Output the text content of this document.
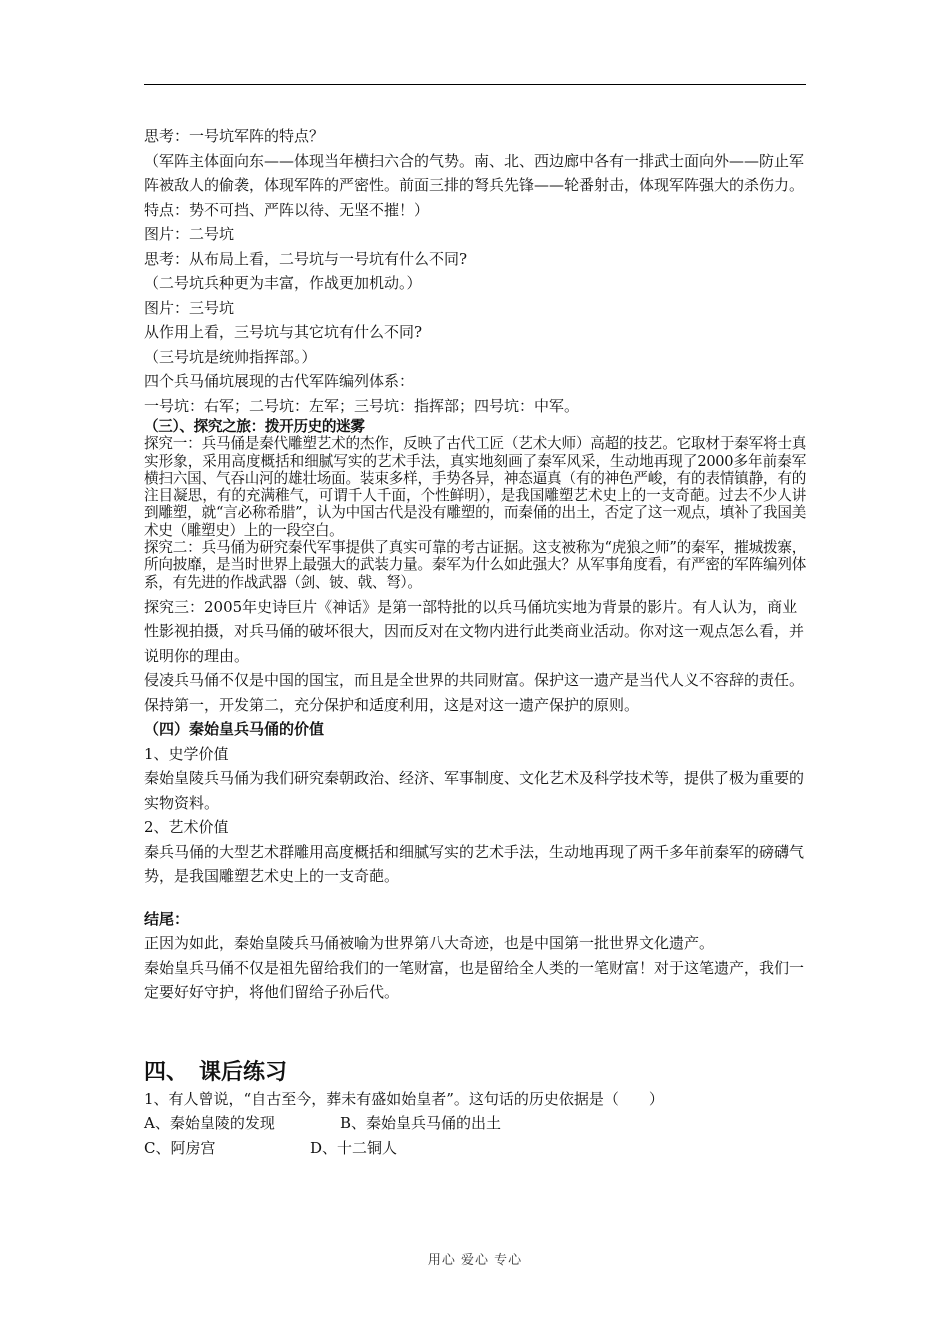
思考：一号坑军阵的特点？

（军阵主体面向东——体现当年横扫六合的气势。南、北、西边廊中各有一排武士面向外——防止军阵被敌人的偷袭，体现军阵的严密性。前面三排的弩兵先锋——轮番射击，体现军阵强大的杀伤力。

特点：势不可挡、严阵以待、无坚不摧！）

图片：二号坑

思考：从布局上看，二号坑与一号坑有什么不同?

（二号坑兵种更为丰富，作战更加机动。）

图片：三号坑

从作用上看，三号坑与其它坑有什么不同?

（三号坑是统帅指挥部。）

四个兵马俑坑展现的古代军阵编列体系：

一号坑：右军；二号坑：左军；三号坑：指挥部；四号坑：中军。

（三）、探究之旅：拨开历史的迷雾

探究一：兵马俑是秦代雕塑艺术的杰作，反映了古代工匠（艺术大师）高超的技艺。它取材于秦军将士真实形象，采用高度概括和细腻写实的艺术手法，真实地刻画了秦军风采，生动地再现了2000多年前秦军横扫六国、气吞山河的雄壮场面。装束多样，手势各异，神态逼真（有的神色严峻，有的表情镇静，有的注目凝思，有的充满稚气，可谓千人千面，个性鲜明），是我国雕塑艺术史上的一支奇葩。过去不少人讲到雕塑，就“言必称希腊”，认为中国古代是没有雕塑的，而秦俑的出土，否定了这一观点，填补了我国美术史（雕塑史）上的一段空白。

探究二：兵马俑为研究秦代军事提供了真实可靠的考古证据。这支被称为“虎狼之师”的秦军，摧城拨寨，所向披靡，是当时世界上最强大的武装力量。秦军为什么如此强大？从军事角度看，有严密的军阵编列体系，有先进的作战武器（剑、铍、戟、弩）。

探究三：2005年史诗巨片《神话》是第一部特批的以兵马俑坑实地为背景的影片。有人认为，商业性影视拍摄，对兵马俑的破坏很大，因而反对在文物内进行此类商业活动。你对这一观点怎么看，并说明你的理由。

侵凌兵马俑不仅是中国的国宝，而且是全世界的共同财富。保护这一遗产是当代人义不容辞的责任。保持第一，开发第二，充分保护和适度利用，这是对这一遗产保护的原则。

（四）秦始皇兵马俑的价值

1、史学价值

秦始皇陵兵马俑为我们研究秦朝政治、经济、军事制度、文化艺术及科学技术等，提供了极为重要的实物资料。

2、艺术价值

秦兵马俑的大型艺术群雕用高度概括和细腻写实的艺术手法，生动地再现了两千多年前秦军的磅礴气势，是我国雕塑艺术史上的一支奇葩。

结尾：

正因为如此，秦始皇陵兵马俑被喻为世界第八大奇迹，也是中国第一批世界文化遗产。

秦始皇兵马俑不仅是祖先留给我们的一笔财富，也是留给全人类的一笔财富！对于这笔遗产，我们一定要好好守护，将他们留给子孙后代。

四、　课后练习

1、有人曾说，“自古至今，葬未有盛如始皇者”。这句话的历史依据是（　　）

A、秦始皇陵的发现	B、秦始皇兵马俑的出土

C、阿房宫	D、十二铜人

用心 爱心 专心
